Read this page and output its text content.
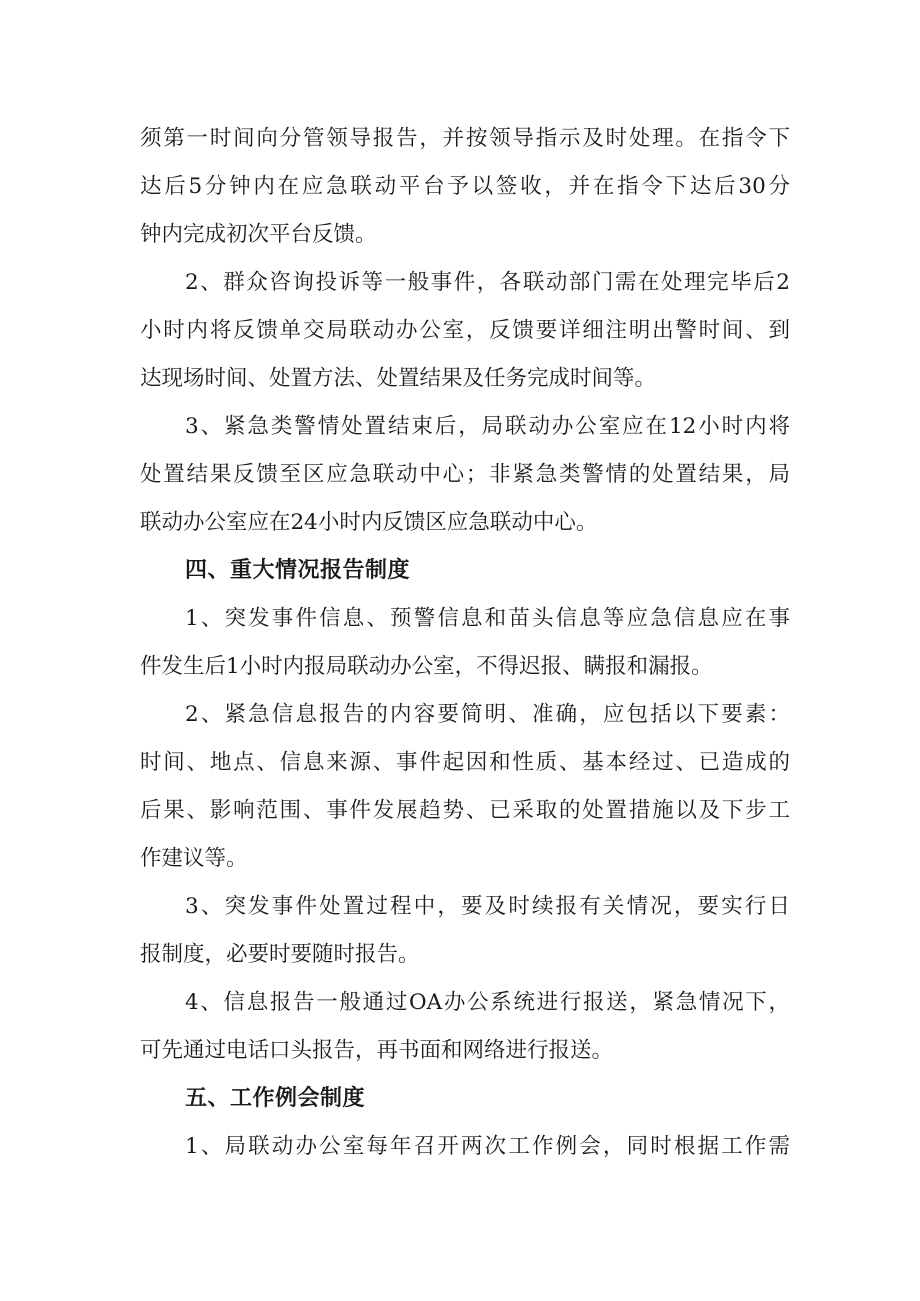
须第一时间向分管领导报告，并按领导指示及时处理。在指令下
达后5分钟内在应急联动平台予以签收，并在指令下达后30分
钟内完成初次平台反馈。
2、群众咨询投诉等一般事件，各联动部门需在处理完毕后2
小时内将反馈单交局联动办公室，反馈要详细注明出警时间、到
达现场时间、处置方法、处置结果及任务完成时间等。
3、紧急类警情处置结束后，局联动办公室应在12小时内将
处置结果反馈至区应急联动中心；非紧急类警情的处置结果，局
联动办公室应在24小时内反馈区应急联动中心。
四、重大情况报告制度
1、突发事件信息、预警信息和苗头信息等应急信息应在事
件发生后1小时内报局联动办公室，不得迟报、瞒报和漏报。
2、紧急信息报告的内容要简明、准确，应包括以下要素：
时间、地点、信息来源、事件起因和性质、基本经过、已造成的
后果、影响范围、事件发展趋势、已采取的处置措施以及下步工
作建议等。
3、突发事件处置过程中，要及时续报有关情况，要实行日
报制度，必要时要随时报告。
4、信息报告一般通过OA办公系统进行报送，紧急情况下，
可先通过电话口头报告，再书面和网络进行报送。
五、工作例会制度
1、局联动办公室每年召开两次工作例会，同时根据工作需
